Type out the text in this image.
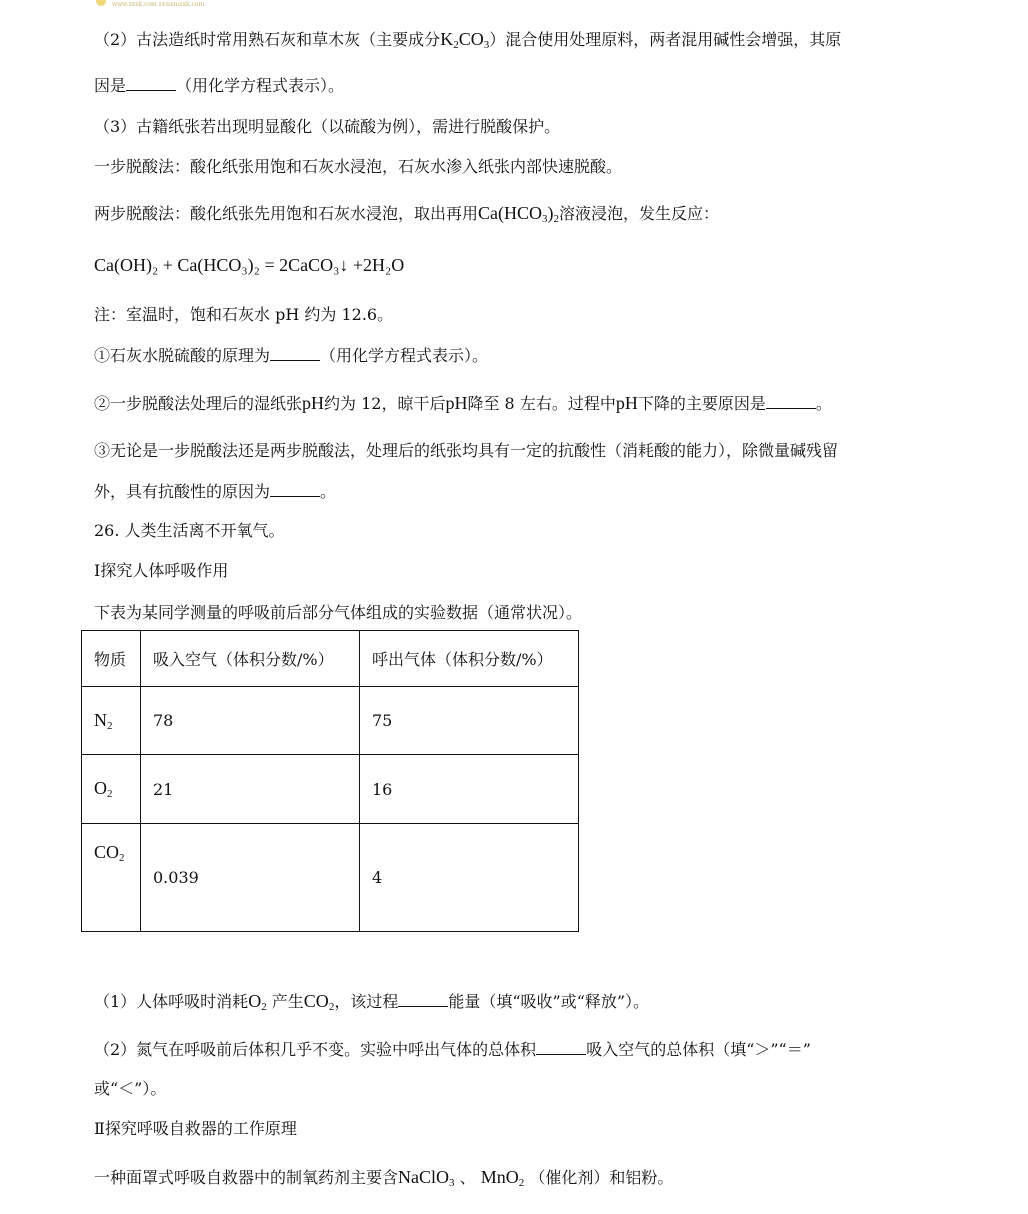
www.zxxk.com zxjsxmxxk.com
（2）古法造纸时常用熟石灰和草木灰（主要成分$K_2CO_3$）混合使用处理原料，两者混用碱性会增强，其原
因是	（用化学方程式表示）。
（3）古籍纸张若出现明显酸化（以硫酸为例），需进行脱酸保护。
一步脱酸法：酸化纸张用饱和石灰水浸泡，石灰水渗入纸张内部快速脱酸。
两步脱酸法：酸化纸张先用饱和石灰水浸泡，取出再用$Ca(HCO_3)_2$溶液浸泡，发生反应：
Ca(OH)₂ + Ca(HCO₃)₂ = 2CaCO₃↓ +2H₂O
注：室温时，饱和石灰水 pH 约为 12.6。
①石灰水脱硫酸的原理为	（用化学方程式表示）。
②一步脱酸法处理后的湿纸张pH约为 12，晾干后pH降至 8 左右。过程中pH下降的主要原因是	。
③无论是一步脱酸法还是两步脱酸法，处理后的纸张均具有一定的抗酸性（消耗酸的能力），除微量碱残留
外，具有抗酸性的原因为	。
26. 人类生活离不开氧气。
Ⅰ探究人体呼吸作用
下表为某同学测量的呼吸前后部分气体组成的实验数据（通常状况）。
物质	吸入空气（体积分数/%）	呼出气体（体积分数/%）
$N_2$	78	75
$O_2$	21	16
$CO_2$	0.039	4
（1）人体呼吸时消耗$O_2$ 产生$CO_2$，该过程	能量（填“吸收”或“释放”）。
（2）氮气在呼吸前后体积几乎不变。实验中呼出气体的总体积	吸入空气的总体积（填“＞”“＝”
或“＜”）。
Ⅱ探究呼吸自救器的工作原理
一种面罩式呼吸自救器中的制氧药剂主要含NaClO$_3$ 、 MnO$_2$ （催化剂）和铝粉。
